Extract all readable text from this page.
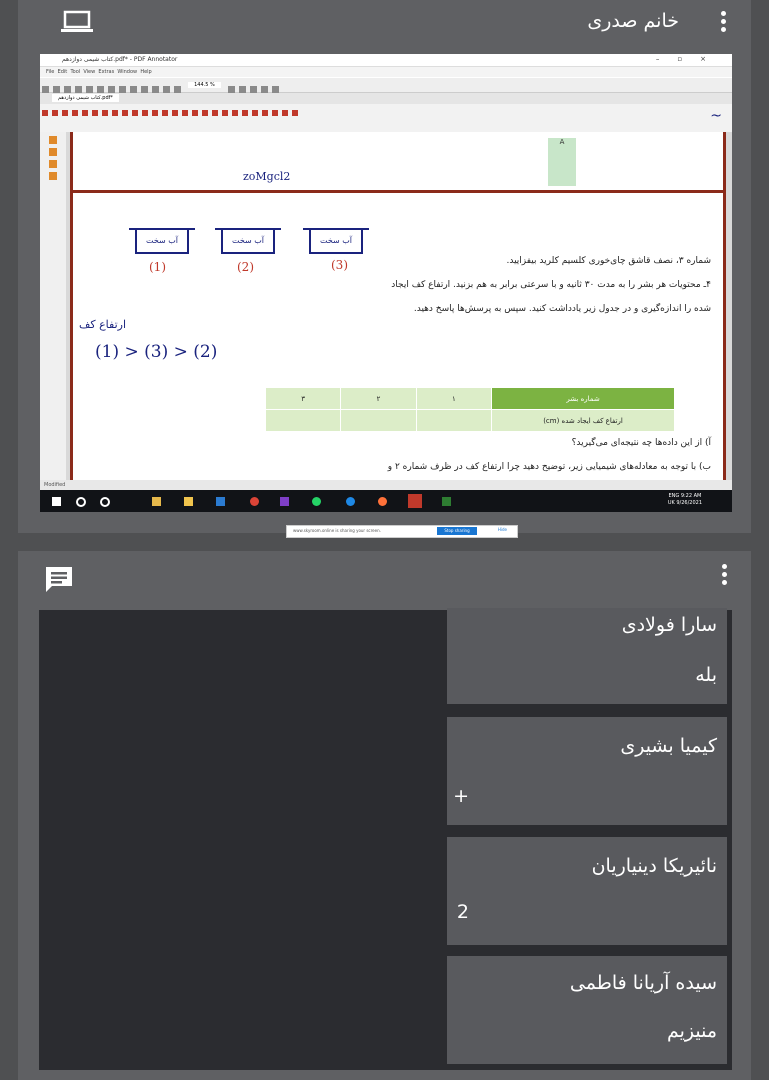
خانم صدری
کتاب شیمی دوازدهم.pdf* - PDF Annotator	–▫×
File Edit Tool View Extras Window Help
$^{144.5 \%}$
کتاب شیمی دوازدهم.pdf*
~
A
zoMgcl2
آب سخت	آب سخت	آب سخت
(1)	(2)	(3)
ارتفاع کف
(1) > (3) > (2)
شماره ۳، نصف قاشق چای‌خوری کلسیم کلرید بیفزایید.
۴ـ محتویات هر بشر را به مدت ۳۰ ثانیه و با سرعتی برابر به هم بزنید. ارتفاع کف ایجاد
شده را اندازه‌گیری و در جدول زیر یادداشت کنید. سپس به پرسش‌ها پاسخ دهید.
۳	۲	۱	شماره بشر
			ارتفاع کف ایجاد شده (cm)
آ) از این داده‌ها چه نتیجه‌ای می‌گیرید؟
ب) با توجه به معادله‌های شیمیایی زیر، توضیح دهید چرا ارتفاع کف در ظرف شماره ۲ و
www.skyroom.online is sharing your screen.	Stop sharing	Hide
Modified
ENG 9:22 AM
UK 9/26/2021
سارا فولادی
بله
کیمیا بشیری
+
نائیریکا دینیاریان
2
سیده آریانا فاطمی
منیزیم
